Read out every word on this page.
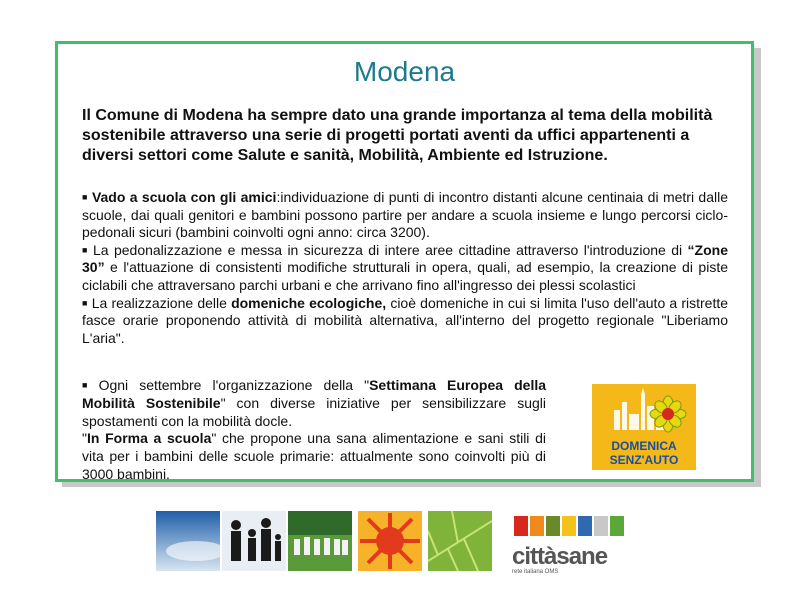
Modena
Il Comune di Modena ha sempre dato una grande importanza al tema della mobilità sostenibile attraverso una serie di progetti portati aventi da uffici appartenenti a diversi settori come Salute e sanità, Mobilità, Ambiente ed Istruzione.

■ Vado a scuola con gli amici:individuazione di punti di incontro distanti alcune centinaia di metri dalle scuole, dai quali genitori e bambini possono partire per andare a scuola insieme e lungo percorsi ciclo-pedonali sicuri (bambini coinvolti ogni anno: circa 3200).

■ La pedonalizzazione e messa in sicurezza di intere aree cittadine attraverso l'introduzione di “Zone 30” e l'attuazione di consistenti modifiche strutturali in opera, quali, ad esempio, la creazione di piste ciclabili che attraversano parchi urbani e che arrivano fino all'ingresso dei plessi scolastici

■ La realizzazione delle domeniche ecologiche, cioè domeniche in cui si limita l'uso dell'auto a ristrette fasce orarie proponendo attività di mobilità alternativa, all'interno del progetto regionale "Liberiamo L'aria".

■ Ogni settembre l'organizzazione della "Settimana Europea della Mobilità Sostenibile" con diverse iniziative per sensibilizzare sugli spostamenti con la mobilità docle.

"In Forma a scuola" che propone una sana alimentazione e sani stili di vita per i bambini delle scuole primarie: attualmente sono coinvolti più di 3000 bambini.

DOMENICA
SENZ'AUTO
cittàsane
rete italiana OMS
